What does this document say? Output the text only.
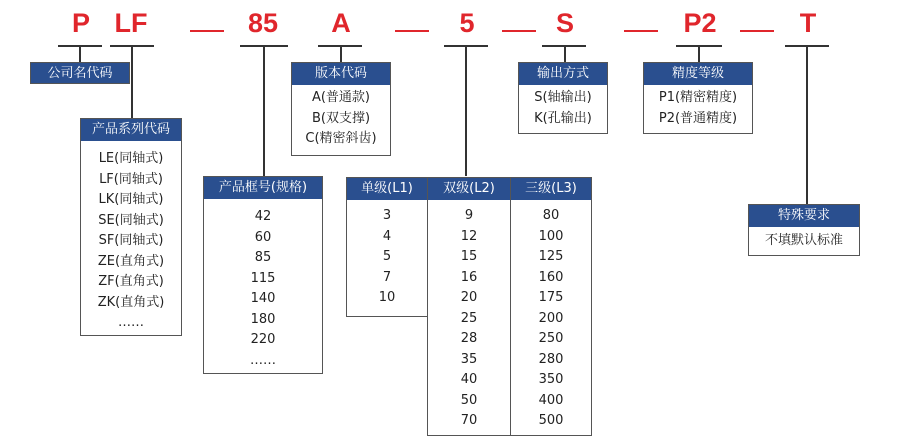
P LF	85	A	5	S	P2	T
公司名代码
产品系列代码
LE(同轴式)
LF(同轴式)
LK(同轴式)
SE(同轴式)
SF(同轴式)
ZE(直角式)
ZF(直角式)
ZK(直角式)
……
产品框号(规格)
42
60
85
115
140
180
220
……
版本代码
A(普通款)
B(双支撑)
C(精密斜齿)
单级(L1)
3
4
5
7
10
双级(L2)
9
12
15
16
20
25
28
35
40
50
70
三级(L3)
80
100
125
160
175
200
250
280
350
400
500
输出方式
S(轴输出)
K(孔输出)
精度等级
P1(精密精度)
P2(普通精度)
特殊要求
不填默认标准
